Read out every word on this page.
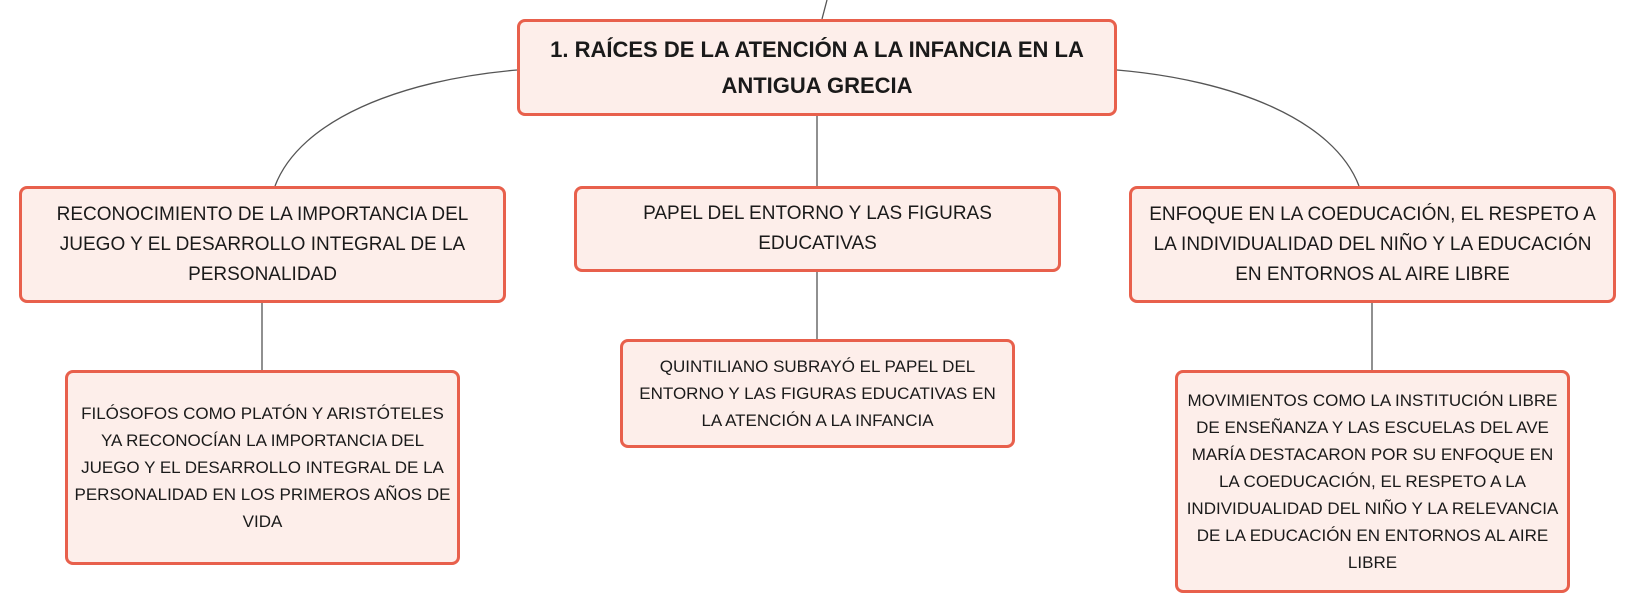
1. RAÍCES DE LA ATENCIÓN A LA INFANCIA EN LA ANTIGUA GRECIA
RECONOCIMIENTO DE LA IMPORTANCIA DEL JUEGO Y EL DESARROLLO INTEGRAL DE LA PERSONALIDAD
PAPEL DEL ENTORNO Y LAS FIGURAS EDUCATIVAS
ENFOQUE EN LA COEDUCACIÓN, EL RESPETO A LA INDIVIDUALIDAD DEL NIÑO Y LA EDUCACIÓN EN ENTORNOS AL AIRE LIBRE
FILÓSOFOS COMO PLATÓN Y ARISTÓTELES YA RECONOCÍAN LA IMPORTANCIA DEL JUEGO Y EL DESARROLLO INTEGRAL DE LA PERSONALIDAD EN LOS PRIMEROS AÑOS DE VIDA
QUINTILIANO SUBRAYÓ EL PAPEL DEL ENTORNO Y LAS FIGURAS EDUCATIVAS EN LA ATENCIÓN A LA INFANCIA
MOVIMIENTOS COMO LA INSTITUCIÓN LIBRE DE ENSEÑANZA Y LAS ESCUELAS DEL AVE MARÍA DESTACARON POR SU ENFOQUE EN LA COEDUCACIÓN, EL RESPETO A LA INDIVIDUALIDAD DEL NIÑO Y LA RELEVANCIA DE LA EDUCACIÓN EN ENTORNOS AL AIRE LIBRE
